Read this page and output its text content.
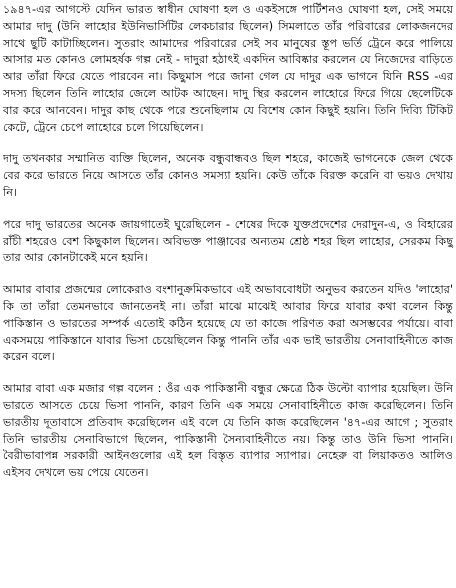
১৯৪৭-এর আগস্টে যেদিন ভারত স্বাধীন ঘোষণা হল ও একইসঙ্গে পার্টিশনও ঘোষণা হল, সেই সময়ে আমার দাদু (উনি লাহোর ইউনিভার্সিটির লেকচারার ছিলেন) সিমলাতে তাঁর পরিবারের লোকজনদের সাথে ছুটি কাটাচ্ছিলেন। সুতরাং আমাদের পরিবারের সেই সব মানুষের স্তূপ ভর্তি ট্রেনে করে পালিয়ে আসার মত কোনও লোমহর্ষক গল্প নেই - দাদুরা হঠাৎই একদিন আবিষ্কার করলেন যে নিজেদের বাড়িতে আর তাঁরা ফিরে যেতে পারবেন না। কিছুমাস পরে জানা গেল যে দাদুর এক ভাগনে যিনি RSS -এর সদস্য ছিলেন তিনি লাহোর জেলে আটক আছেন। দাদু স্থির করলেন লাহোরে ফিরে গিয়ে ছেলেটিকে বার করে আনবেন। দাদুর কাছ থেকে পরে শুনেছিলাম যে বিশেষ কোন কিছুই হয়নি। তিনি দিব্যি টিকিট কেটে, ট্রেনে চেপে লাহোরে চলে গিয়েছিলেন।

দাদু তখনকার সম্মানিত ব্যক্তি ছিলেন, অনেক বন্ধুবান্ধবও ছিল শহরে, কাজেই ভাগনেকে জেল থেকে বের করে ভারতে নিয়ে আসতে তাঁর কোনও সমস্যা হয়নি। কেউ তাঁকে বিরক্ত করেনি বা ভয়ও দেখায় নি।

পরে দাদু ভারতের অনেক জায়গাতেই ঘুরেছিলেন - শেষের দিকে যুক্তপ্রদেশের দেরাদুন-এ, ও বিহারের রাঁচী শহরেও বেশ কিছুকাল ছিলেন। অবিভক্ত পাঞ্জাবের অন্যতম শ্রেষ্ঠ শহর ছিল লাহোর, সেরকম কিছু তার আর কোনটাকেই মনে হয়নি।

আমার বাবার প্রজন্মের লোকেরাও বংশানুক্রমিকভাবে এই অভাববোধটা অনুভব করতেন যদিও 'লাহোর' কি তা তাঁরা তেমনভাবে জানতেনই না। তাঁরা মাঝে মাঝেই আবার ফিরে যাবার কথা বলেন কিন্তু পাকিস্তান ও ভারতের সম্পর্ক এতোই কঠিন হয়েছে যে তা কাজে পরিণত করা অসম্ভবের পর্যায়ে। বাবা একসময়ে পাকিস্তানে যাবার ভিসা চেয়েছিলেন কিন্তু পাননি তাঁর এক ভাই ভারতীয় সেনাবাহিনীতে কাজ করেন বলে।

আমার বাবা এক মজার গল্প বলেন : ওঁর এক পাকিস্তানী বন্ধুর ক্ষেত্রে ঠিক উল্টো ব্যাপার হয়েছিল। উনি ভারতে আসতে চেয়ে ভিসা পাননি, কারণ তিনি এক সময়ে সেনাবাহিনীতে কাজ করেছিলেন। তিনি ভারতীয় দূতাবাসে প্রতিবাদ করেছিলেন এই বলে যে তিনি কাজ করেছিলেন '৪৭-এর আগে ; সুতরাং তিনি ভারতীয় সেনাবিভাগে ছিলেন, পাকিস্তানী সৈন্যবাহিনীতে নয়। কিন্তু তাও উনি ভিসা পাননি। বৈরীভাবাপন্ন সরকারী আইনগুলোর এই হল বিস্তৃত ব্যাপার স্যাপার। নেহেরু বা লিয়াকতও আলিও এইসব দেখলে ভয় পেয়ে যেতেন।
